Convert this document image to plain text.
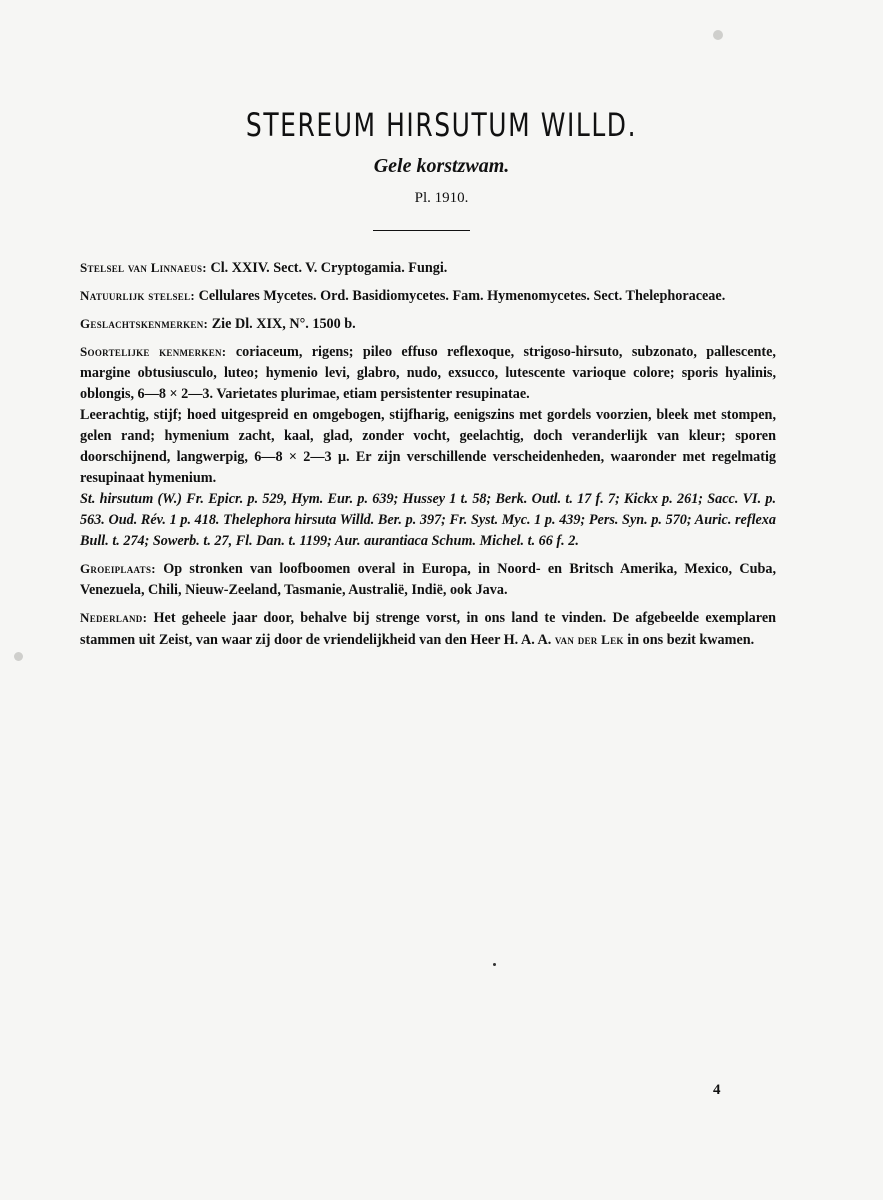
STEREUM HIRSUTUM WILLD.
Gele korstzwam.
Pl. 1910.

Stelsel van Linnaeus: Cl. XXIV. Sect. V. Cryptogamia. Fungi.

Natuurlijk stelsel: Cellulares Mycetes. Ord. Basidiomycetes. Fam. Hymenomycetes. Sect. Thelephoraceae.

Geslachtskenmerken: Zie Dl. XIX, N°. 1500 b.

Soortelijke kenmerken: coriaceum, rigens; pileo effuso reflexoque, strigoso-hirsuto, subzonato, pallescente, margine obtusiusculo, luteo; hymenio levi, glabro, nudo, exsucco, lutescente varioque colore; sporis hyalinis, oblongis, 6—8 × 2—3. Varietates plurimae, etiam persistenter resupinatae.

Leerachtig, stijf; hoed uitgespreid en omgebogen, stijfharig, eenigszins met gordels voorzien, bleek met stompen, gelen rand; hymenium zacht, kaal, glad, zonder vocht, geelachtig, doch veranderlijk van kleur; sporen doorschijnend, langwerpig, 6—8 × 2—3 μ. Er zijn verschillende verscheidenheden, waaronder met regelmatig resupinaat hymenium.

St. hirsutum (W.) Fr. Epicr. p. 529, Hym. Eur. p. 639; Hussey 1 t. 58; Berk. Outl. t. 17 f. 7; Kickx p. 261; Sacc. VI. p. 563. Oud. Rév. 1 p. 418. Thelephora hirsuta Willd. Ber. p. 397; Fr. Syst. Myc. 1 p. 439; Pers. Syn. p. 570; Auric. reflexa Bull. t. 274; Sowerb. t. 27, Fl. Dan. t. 1199; Aur. aurantiaca Schum. Michel. t. 66 f. 2.

Groeiplaats: Op stronken van loofboomen overal in Europa, in Noord- en Britsch Amerika, Mexico, Cuba, Venezuela, Chili, Nieuw-Zeeland, Tasmanie, Australië, Indië, ook Java.

Nederland: Het geheele jaar door, behalve bij strenge vorst, in ons land te vinden. De afgebeelde exemplaren stammen uit Zeist, van waar zij door de vriendelijkheid van den Heer H. A. A. van der Lek in ons bezit kwamen.

4
